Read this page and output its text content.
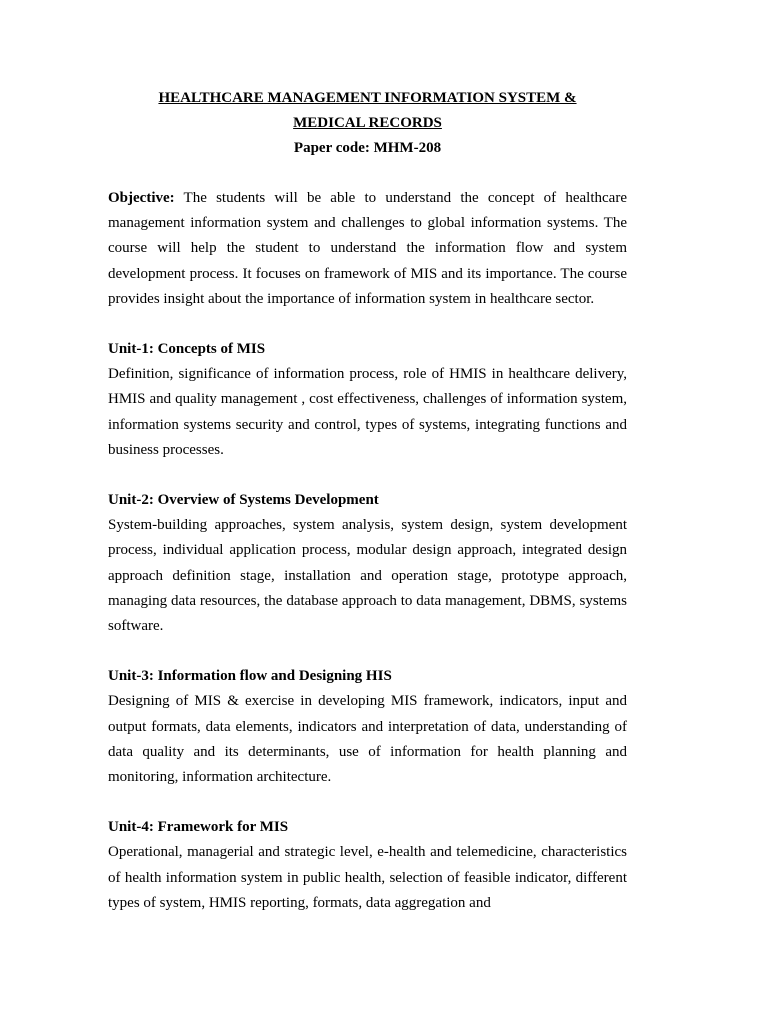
HEALTHCARE MANAGEMENT INFORMATION SYSTEM & MEDICAL RECORDS

Paper code: MHM-208

Objective: The students will be able to understand the concept of healthcare management information system and challenges to global information systems. The course will help the student to understand the information flow and system development process. It focuses on framework of MIS and its importance. The course provides insight about the importance of information system in healthcare sector.

Unit-1: Concepts of MIS

Definition, significance of information process, role of HMIS in healthcare delivery, HMIS and quality management , cost effectiveness, challenges of information system, information systems security and control, types of systems, integrating functions and business processes.

Unit-2: Overview of Systems Development

System-building approaches, system analysis, system design, system development process, individual application process, modular design approach, integrated design approach definition stage, installation and operation stage, prototype approach, managing data resources, the database approach to data management, DBMS, systems software.

Unit-3: Information flow and Designing HIS

Designing of MIS & exercise in developing MIS framework, indicators, input and output formats, data elements, indicators and interpretation of data, understanding of data quality and its determinants, use of information for health planning and monitoring, information architecture.

Unit-4: Framework for MIS

Operational, managerial and strategic level, e-health and telemedicine, characteristics of health information system in public health, selection of feasible indicator, different types of system, HMIS reporting, formats, data aggregation and
